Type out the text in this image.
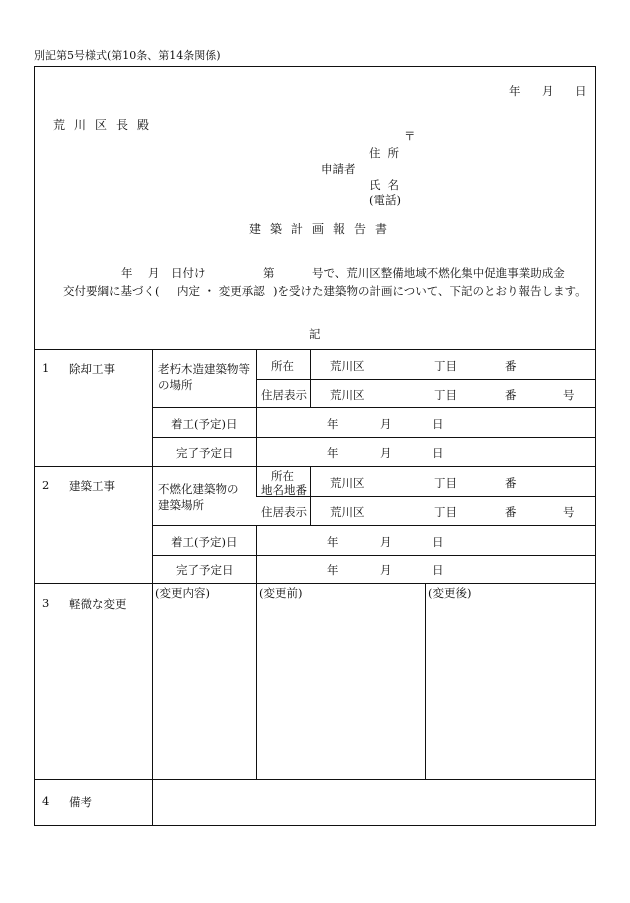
別記第5号様式(第10条、第14条関係)
年 月 日
荒川区長殿
〒
住所
申請者
氏名
(電話)
建築計画報告書
年 月 日付け	第	号で、荒川区整備地域不燃化集中促進事業助成金
交付要綱に基づく( 内定 ・ 変更承認 )を受けた建築物の計画について、下記のとおり報告します。
記
1 除却工事	老朽木造建築物等
の場所
所在	荒川区	丁目	番
住居表示 荒川区	丁目	番	号
着工(予定)日	年	月	日
完了予定日	年	月	日
2 建築工事	不燃化建築物の
建築場所
所在
地名地番 荒川区	丁目	番
住居表示 荒川区	丁目	番	号
着工(予定)日	年	月	日
完了予定日	年	月	日
3 軽微な変更
(変更内容)	(変更前)	(変更後)
4 備考
